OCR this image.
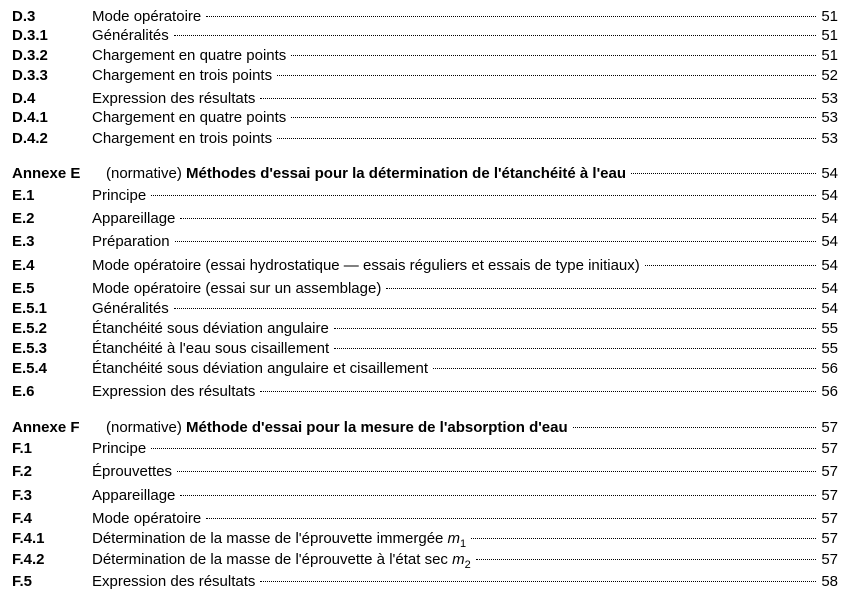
D.3	Mode opératoire	51
D.3.1	Généralités	51
D.3.2	Chargement en quatre points	51
D.3.3	Chargement en trois points	52
D.4	Expression des résultats	53
D.4.1	Chargement en quatre points	53
D.4.2	Chargement en trois points	53
Annexe E	(normative) Méthodes d'essai pour la détermination de l'étanchéité à l'eau	54
E.1	Principe	54
E.2	Appareillage	54
E.3	Préparation	54
E.4	Mode opératoire (essai hydrostatique — essais réguliers et essais de type initiaux)	54
E.5	Mode opératoire (essai sur un assemblage)	54
E.5.1	Généralités	54
E.5.2	Étanchéité sous déviation angulaire	55
E.5.3	Étanchéité à l'eau sous cisaillement	55
E.5.4	Étanchéité sous déviation angulaire et cisaillement	56
E.6	Expression des résultats	56
Annexe F	(normative) Méthode d'essai pour la mesure de l'absorption d'eau	57
F.1	Principe	57
F.2	Éprouvettes	57
F.3	Appareillage	57
F.4	Mode opératoire	57
F.4.1	Détermination de la masse de l'éprouvette immergée $m_1$	57
F.4.2	Détermination de la masse de l'éprouvette à l'état $\sec m_2$	57
F.5	Expression des résultats	58
